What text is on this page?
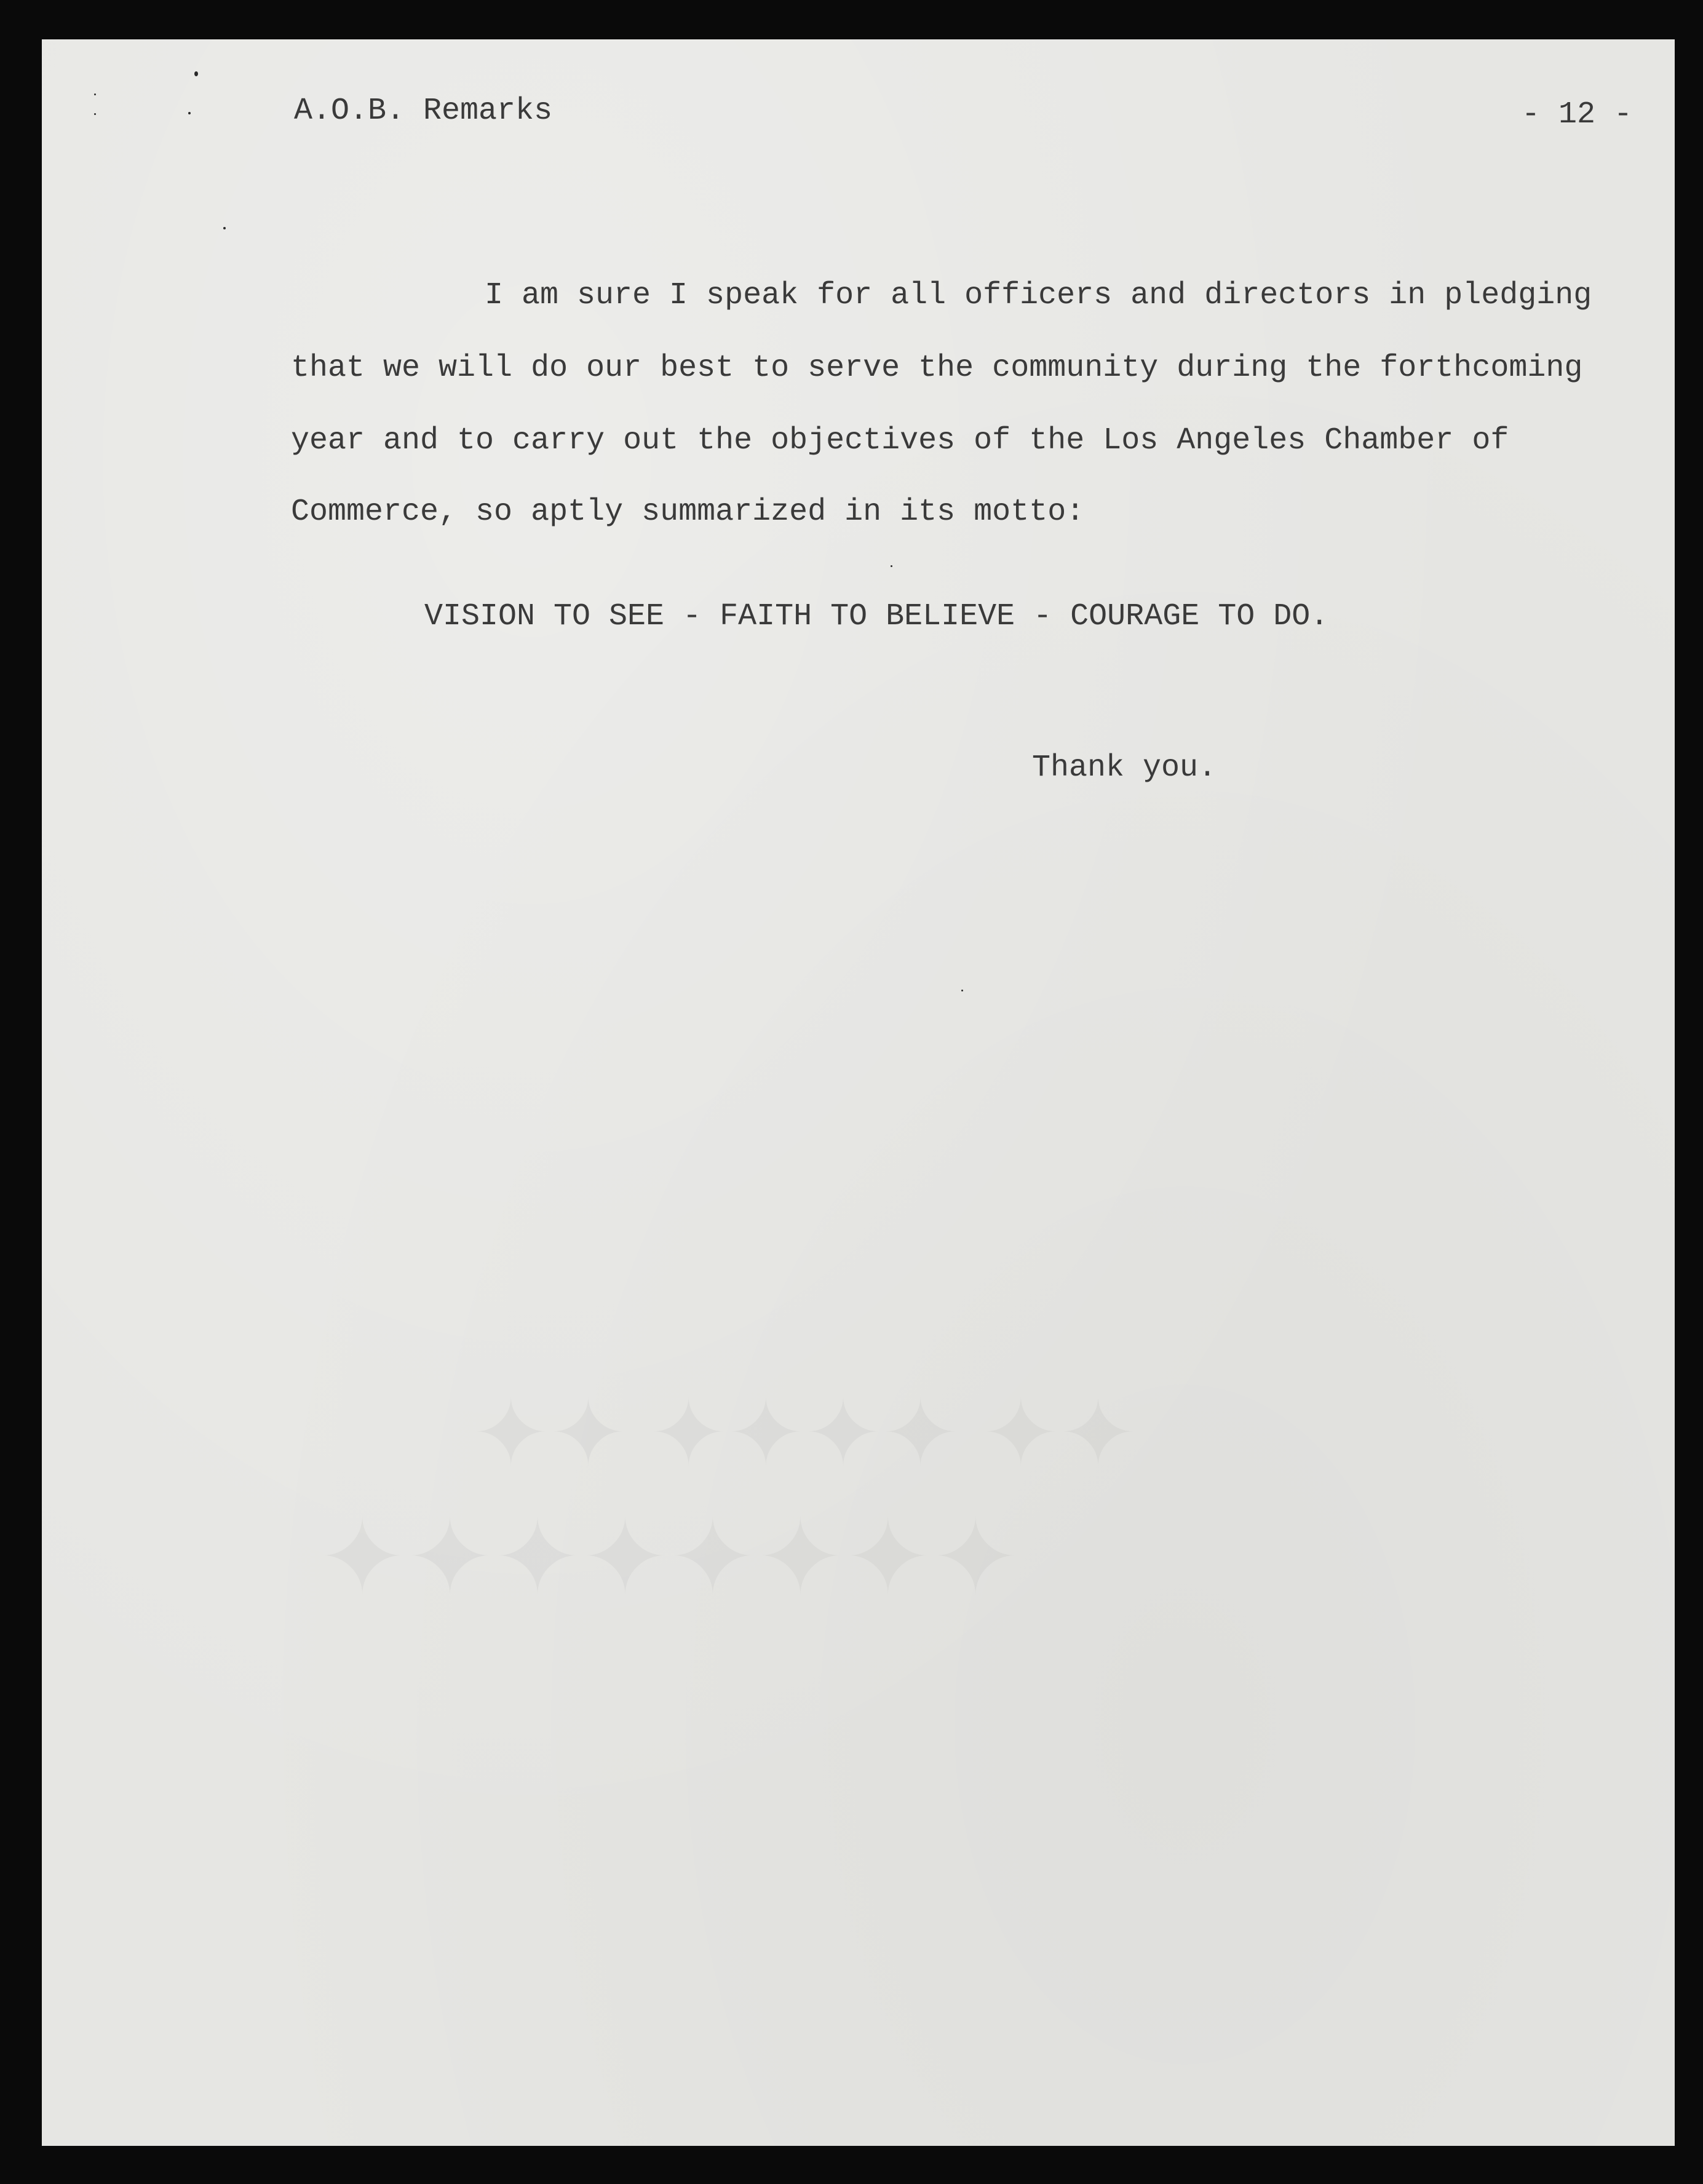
A.O.B. Remarks	- 12 -
I am sure I speak for all officers and directors in pledging
that we will do our best to serve the community during the forthcoming
year and to carry out the objectives of the Los Angeles Chamber of
Commerce, so aptly summarized in its motto:
VISION TO SEE - FAITH TO BELIEVE - COURAGE TO DO.
Thank you.
